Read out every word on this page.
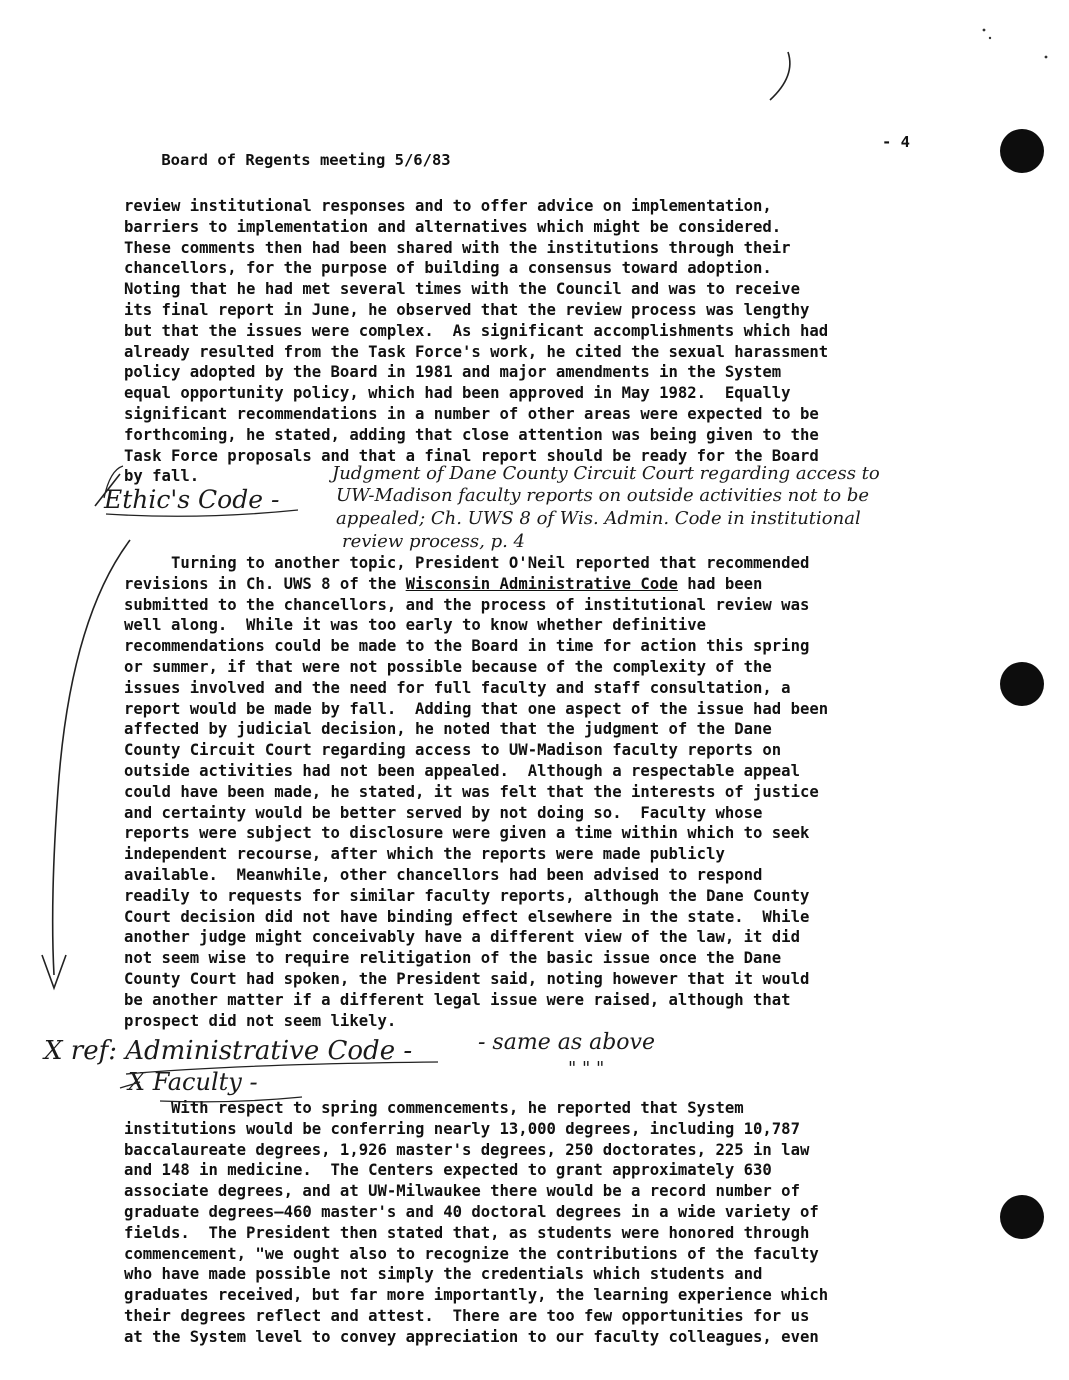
Board of Regents meeting 5/6/83

- 4

review institutional responses and to offer advice on implementation,
barriers to implementation and alternatives which might be considered.
These comments then had been shared with the institutions through their
chancellors, for the purpose of building a consensus toward adoption.
Noting that he had met several times with the Council and was to receive
its final report in June, he observed that the review process was lengthy
but that the issues were complex.  As significant accomplishments which had
already resulted from the Task Force's work, he cited the sexual harassment
policy adopted by the Board in 1981 and major amendments in the System
equal opportunity policy, which had been approved in May 1982.  Equally
significant recommendations in a number of other areas were expected to be
forthcoming, he stated, adding that close attention was being given to the
Task Force proposals and that a final report should be ready for the Board
by fall.
Turning to another topic, President O'Neil reported that recommended
revisions in Ch. UWS 8 of the Wisconsin Administrative Code had been
submitted to the chancellors, and the process of institutional review was
well along.  While it was too early to know whether definitive
recommendations could be made to the Board in time for action this spring
or summer, if that were not possible because of the complexity of the
issues involved and the need for full faculty and staff consultation, a
report would be made by fall.  Adding that one aspect of the issue had been
affected by judicial decision, he noted that the judgment of the Dane
County Circuit Court regarding access to UW-Madison faculty reports on
outside activities had not been appealed.  Although a respectable appeal
could have been made, he stated, it was felt that the interests of justice
and certainty would be better served by not doing so.  Faculty whose
reports were subject to disclosure were given a time within which to seek
independent recourse, after which the reports were made publicly
available.  Meanwhile, other chancellors had been advised to respond
readily to requests for similar faculty reports, although the Dane County
Court decision did not have binding effect elsewhere in the state.  While
another judge might conceivably have a different view of the law, it did
not seem wise to require relitigation of the basic issue once the Dane
County Court had spoken, the President said, noting however that it would
be another matter if a different legal issue were raised, although that
prospect did not seem likely.
With respect to spring commencements, he reported that System
institutions would be conferring nearly 13,000 degrees, including 10,787
baccalaureate degrees, 1,926 master's degrees, 250 doctorates, 225 in law
and 148 in medicine.  The Centers expected to grant approximately 630
associate degrees, and at UW-Milwaukee there would be a record number of
graduate degrees—460 master's and 40 doctoral degrees in a wide variety of
fields.  The President then stated that, as students were honored through
commencement, "we ought also to recognize the contributions of the faculty
who have made possible not simply the credentials which students and
graduates received, but far more importantly, the learning experience which
their degrees reflect and attest.  There are too few opportunities for us
at the System level to convey appreciation to our faculty colleagues, even
Ethic's Code -
Judgment of Dane County Circuit Court regarding access to
UW-Madison faculty reports on outside activities not to be
appealed; Ch. UWS 8 of Wis. Admin. Code in institutional
review process, p. 4
X ref: Administrative Code -	- same as above
" " "
X Faculty -
